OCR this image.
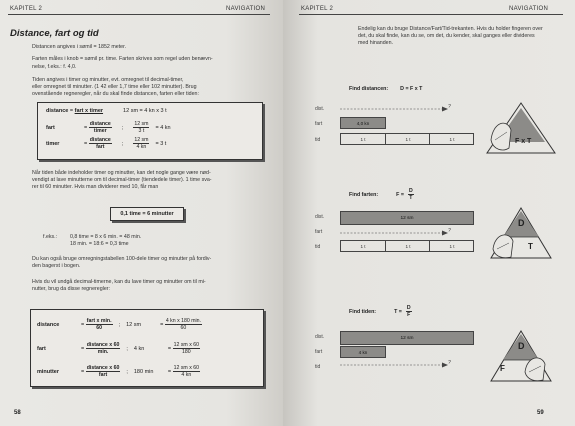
KAPITEL 2	NAVIGATION
Distance, fart og tid
Distancen angives i sømil = 1852 meter.
Farten måles i knob = sømil pr. time. Farten skrives som regel uden benævn-
nelse, f.eks.: f. 4,0.
Tiden angives i timer og minutter, evt. omregnet til decimal-timer,
eller omregnet til minutter. (1 42 eller 1,7 time eller 102 minutter). Brug
ovenstående regneregler, når du skal finde distancen, farten eller tiden:
distance = fart x timer	12 sm = 4 kn x 3 t
fart	= $\frac{\text{distance}}{\text{timer}}$ ; $\frac{12 sm}{3 t} = 4$ kn
timer	= $\frac{\text{distance}}{\text{fart}}$ ; $\frac{12 sm}{4 kn} = 3$ t
Når tiden både indeholder timer og minutter, kan det nogle gange være nød-
vendigt at lave minutterne om til decimal-timer (tiendedele timer). 1 time sva-
rer til 60 minutter. Hvis man dividerer med 10, får man
0,1 time = 6 minutter
f.eks.: 0,8 time = 8 x 6 min. = 48 min.
18 min. = 18:6 = 0,3 time
Du kan også bruge omregningstabellen 100-dele timer og minutter på fordiv-
den bagerst i bogen.
Hvis du vil undgå decimal-timerne, kan du lave timer og minutter om til mi-
nutter, brug da disse regneregler:
distance	= $\frac{\text{fart x min.}}{60}$ ; 12 sm	= $\frac{\text{4 kn x 180 min.}}{60}$
fart	= $\frac{\text{distance x 60}}{\min.}$ ; 4 kn	= $\frac{\text{12 sm x 60}}{180}$
minutter	= $\frac{\text{distance x 60}}{\text{fart}}$ ; 180 min	= $\frac{\text{12 sm x 60}}{4 kn}$
58
KAPITEL 2	NAVIGATION
Endelig kan du bruge Distance/Fart/Tid-trekanten. Hvis du holder fingeren over
det, du skal finde, kan du se, om det, du kender, skal ganges eller divideres
med hinanden.
Find distancen: D = F x T
dist.
fart
tid
?
4,0 kn
1 t	1 t	1 t	F x T
Find farten:	$F = \frac{D}{T}$
dist.
fart
tid
12 sm
?
1 t	1 t	1 t
D
T
Find tiden:	$T = \frac{D}{F}$
dist.
fart
tid
12 sm
4 kn
?
D
F
59
